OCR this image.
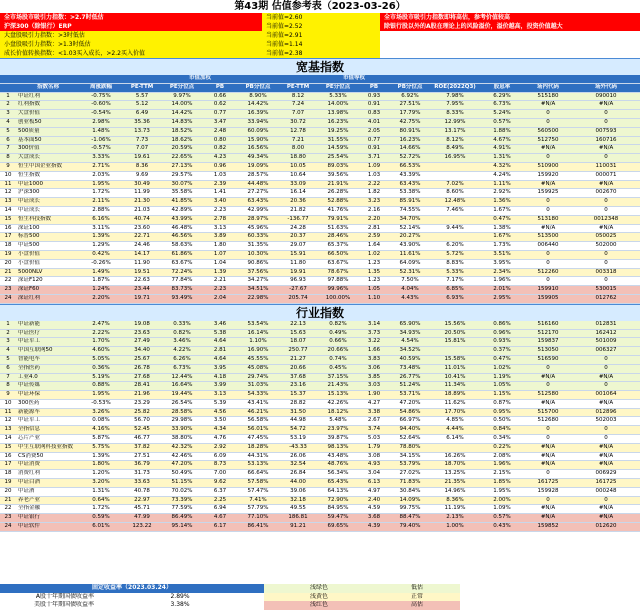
第43期 估值参考表（2023-03-26）
全市场股市吸引力指数：>2.7时低估	当前值=2.60	全市场股市吸引力指数即将高估，参考价值较高
沪深300（除银行）ERP	当前值=2.52	除银行股以外的A股在理论上的风险溢价，溢价越高，投资价值越大
大盘股吸引力指数：>3时低估	当前值=2.91
小盘股吸引力指数：>1.3时低估	当前值=1.14
成长价值转换指数：<1.03买入成长，>2.2买入价值	当前值=2.38
宽基指数
			市值加权				市值等权							
	指数名称	周涨跌幅	PE-TTM	PE分位点	PB	PB分位点	PE-TTM	PE分位点	PB	PB分位点	ROE(2022Q3)	股息率	场内代码	场外代码
1	中证红利	-0.75%	5.57	9.97%	0.66	8.90%	8.12	5.33%	0.93	6.92%	7.98%	6.29%	515180	090010
2	红利指数	-0.60%	5.12	14.00%	0.62	14.42%	7.24	14.00%	0.91	27.51%	7.95%	6.73%	#N/A	#N/A
3	大盘价值	-0.54%	6.49	14.42%	0.77	16.39%	7.07	13.98%	0.83	17.79%	8.33%	5.24%	0	0
4	创业板50	2.98%	35.36	14.83%	3.47	33.94%	30.72	16.23%	4.01	42.75%	12.99%	0.57%	0	0
5	500质量	1.48%	13.73	18.52%	2.48	60.09%	12.78	19.25%	2.05	80.91%	13.17%	1.88%	560500	007593
6	基本面50	-1.06%	7.73	18.62%	0.80	15.90%	7.21	31.55%	0.77	16.23%	8.12%	4.67%	512750	160716
7	300价值	-0.57%	7.07	20.59%	0.82	16.56%	8.00	14.59%	0.91	14.66%	8.49%	4.91%	#N/A	#N/A
8	大盘成长	3.33%	19.61	22.65%	4.23	49.34%	18.80	25.54%	3.71	52.72%	16.95%	1.31%	0	0
9	恒生中国企业指数	2.71%	8.36	27.13%	0.96	19.09%	10.05	89.03%	1.09	66.53%		4.32%	510900	110031
10	恒生指数	2.03%	9.69	29.57%	1.03	28.57%	10.64	39.56%	1.03	43.39%		4.24%	159920	000071
11	中证1000	1.95%	30.49	30.07%	2.39	44.48%	33.09	21.91%	2.22	63.43%	7.02%	1.11%	#N/A	#N/A
12	沪深300	1.72%	11.99	35.58%	1.41	27.27%	16.14	26.28%	1.82	53.38%	8.60%	2.92%	159925	002670
13	中证成长	2.11%	21.30	41.85%	3.40	63.43%	20.36	52.88%	3.23	85.91%	12.48%	1.36%	0	0
14	中证成长	2.88%	21.03	42.89%	2.23	42.99%	21.82	41.76%	2.16	74.55%	7.46%	1.67%	0	0
15	恒生科技指数	6.16%	40.74	43.99%	2.78	28.97%	-136.77	79.91%	2.20	34.70%		0.47%	513180	0012348
16	深证100	3.11%	23.60	46.48%	3.13	45.96%	24.28	51.63%	2.81	52.14%	9.44%	1.38%	#N/A	#N/A
17	标普500	1.39%	22.71	46.56%	3.89	60.33%	20.37	28.46%	2.59	20.27%		1.67%	513500	050025
18	中证500	1.29%	24.46	58.63%	1.80	31.35%	29.07	65.37%	1.64	43.90%	6.20%	1.73%	006440	502000
19	小盘价值	0.42%	14.17	61.86%	1.07	10.30%	15.91	66.50%	1.02	11.61%	5.72%	3.51%	0	0
20	小盘价值	-0.26%	11.90	63.67%	1.04	90.86%	11.80	63.67%	1.23	64.09%	8.83%	3.95%	0	0
21	5000NLV	1.49%	19.51	72.24%	1.39	37.56%	19.91	78.67%	1.35	52.31%	5.33%	2.34%	512260	003318
22	深证F120	1.87%	22.63	77.84%	2.21	34.27%	96.93	97.88%	1.23	7.50%	7.17%	1.96%	0	0
23	深证F60	1.24%	23.44	83.73%	2.23	34.51%	-27.67	99.96%	1.05	4.04%	6.85%	2.01%	159910	530015
24	深证红利	2.20%	19.71	93.49%	2.04	22.98%	205.74	100.00%	1.10	4.43%	6.93%	2.95%	159905	012762
行业指数
1	中证新能	2.47%	19.08	0.33%	3.46	53.54%	22.13	0.82%	3.14	65.90%	15.56%	0.86%	516160	012831
2	中证医疗	2.22%	23.63	0.82%	5.38	16.14%	15.63	0.49%	3.73	34.93%	20.50%	0.96%	512170	162412
3	中证军工	1.70%	27.49	3.46%	4.64	1.10%	18.07	0.66%	3.22	4.54%	15.81%	0.93%	159837	501009
4	中国互联网50	4.60%	34.40	4.22%	2.81	16.90%	250.77	20.66%	1.66	34.52%		0.37%	513050	006327
5	智能电车	5.05%	25.67	6.26%	4.64	45.55%	21.27	0.74%	3.83	40.59%	15.58%	0.47%	516590	0
6	全指医药	0.36%	26.78	6.73%	3.95	45.08%	20.66	0.45%	3.06	73.48%	11.01%	1.02%	0	0
7	工业4.0	5.19%	27.68	12.44%	4.18	29.74%	37.68	37.15%	3.85	26.77%	10.41%	1.19%	#N/A	#N/A
8	中证传媒	0.88%	28.41	16.64%	3.99	31.03%	23.16	21.43%	3.03	51.24%	11.34%	1.05%	0	0
9	中证环保	1.95%	21.96	19.44%	3.13	54.33%	15.37	15.13%	1.90	53.71%	18.89%	1.15%	512580	001064
10	300医药	-0.53%	23.29	26.54%	5.39	43.41%	28.82	42.26%	4.27	47.20%	11.62%	0.87%	#N/A	#N/A
11	新能源车	3.26%	25.82	28.58%	4.56	46.21%	31.50	18.12%	3.38	54.86%	17.70%	0.95%	515700	012896
12	中证军工	0.08%	56.70	29.98%	3.50	56.58%	44.98	5.48%	2.67	66.97%	4.85%	0.50%	512680	502003
13	全指信息	4.16%	52.45	33.90%	4.34	56.01%	54.72	23.97%	3.74	94.40%	4.44%	0.84%	0	0
14	芯片产业	5.87%	46.77	38.80%	4.76	47.45%	53.19	39.87%	5.03	52.64%	6.14%	0.34%	0	0
15	中生互联网科技业指数	5.75%	37.82	42.32%	2.92	18.28%	-43.33	98.13%	1.79	78.80%		0.22%	#N/A	#N/A
16	CS消费50	1.39%	27.51	42.46%	6.09	44.31%	26.06	43.48%	3.08	34.15%	16.26%	2.08%	#N/A	#N/A
17	中证消费	1.80%	36.79	47.20%	8.73	53.13%	32.54	48.76%	4.93	53.79%	18.70%	1.96%	#N/A	#N/A
18	消费红利	1.20%	31.73	50.49%	7.00	66.64%	26.84	56.34%	3.04	27.02%	13.25%	2.15%	0	006929
19	中证白酒	3.20%	33.63	51.15%	9.62	57.58%	44.00	65.43%	6.13	71.83%	21.35%	1.85%	161725	161725
20	中证酒	1.31%	40.78	70.02%	6.37	57.47%	39.06	64.13%	4.97	30.84%	14.96%	1.95%	159928	000248
21	养老产业	0.64%	22.97	73.39%	2.25	7.41%	32.18	72.90%	2.40	14.09%	8.36%	2.00%	0	0
22	全指金融	1.72%	45.71	77.59%	6.94	57.79%	49.55	84.95%	4.59	99.75%	11.19%	1.09%	#N/A	#N/A
23	中证银行	0.59%	47.99	86.49%	4.67	77.10%	186.81	59.47%	3.68	88.47%	2.13%	0.57%	#N/A	#N/A
24	中证软件	6.01%	123.22	95.14%	6.17	86.41%	91.21	69.65%	4.39	79.40%	1.00%	0.43%	159852	012620
固定收益率（2023.03.24）		浅绿色	低估		
A股十年期国债收益率	2.89%	浅黄色	正常		
美股十年期国债收益率	3.38%	浅红色	高估		
